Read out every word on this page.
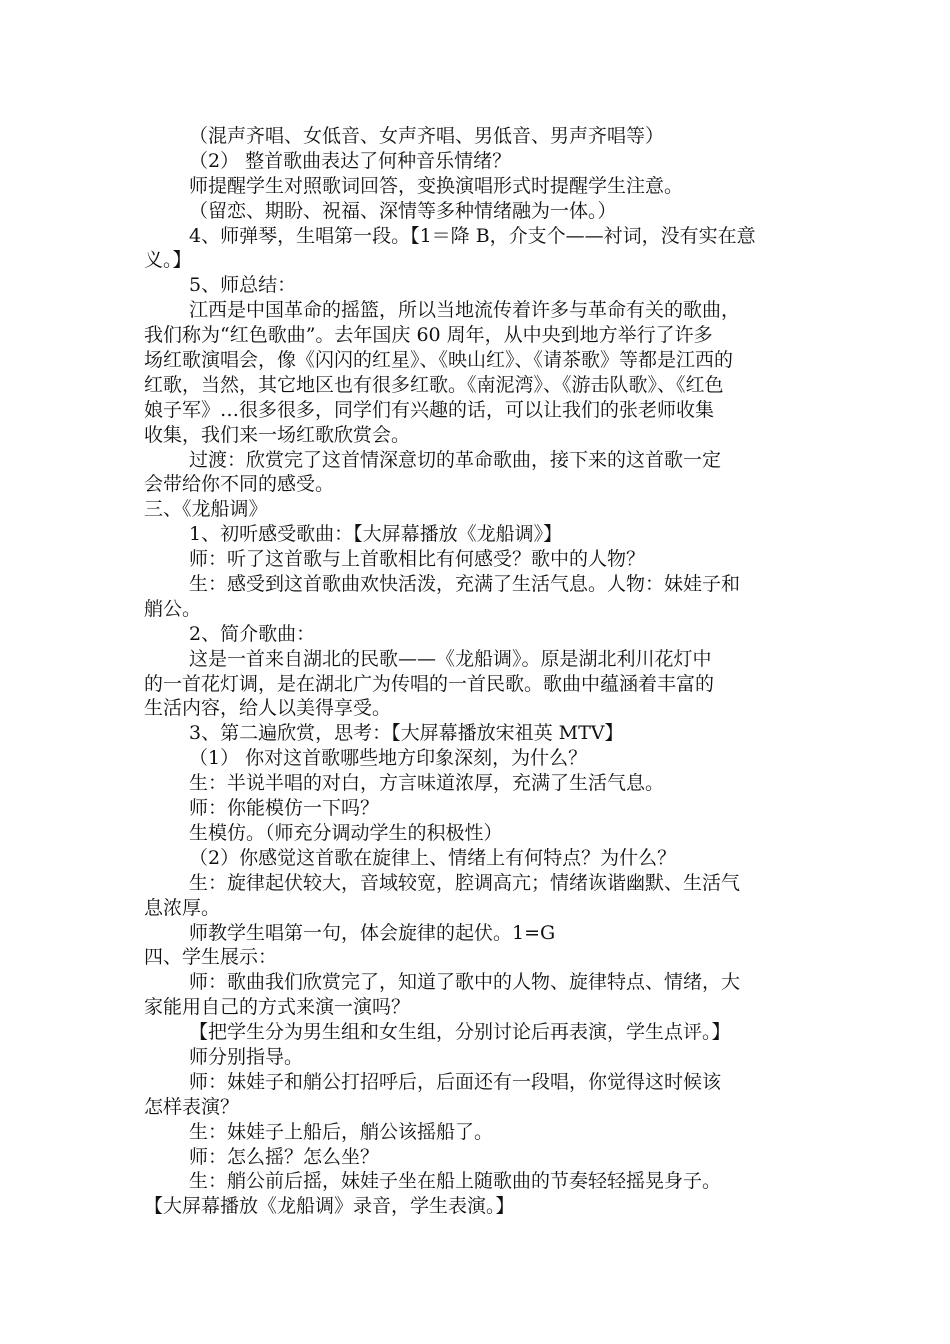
（混声齐唱、女低音、女声齐唱、男低音、男声齐唱等）
（2） 整首歌曲表达了何种音乐情绪？
师提醒学生对照歌词回答，变换演唱形式时提醒学生注意。
（留恋、期盼、祝福、深情等多种情绪融为一体。）
4、师弹琴，生唱第一段。【1＝降 B，介支个——衬词，没有实在意
义。】
5、师总结：
江西是中国革命的摇篮，所以当地流传着许多与革命有关的歌曲，
我们称为“红色歌曲”。去年国庆 60 周年，从中央到地方举行了许多
场红歌演唱会，像《闪闪的红星》、《映山红》、《请茶歌》等都是江西的
红歌，当然，其它地区也有很多红歌。《南泥湾》、《游击队歌》、《红色
娘子军》…很多很多，同学们有兴趣的话，可以让我们的张老师收集
收集，我们来一场红歌欣赏会。
过渡：欣赏完了这首情深意切的革命歌曲，接下来的这首歌一定
会带给你不同的感受。
三、《龙船调》
1、初听感受歌曲：【大屏幕播放《龙船调》】
师：听了这首歌与上首歌相比有何感受？歌中的人物？
生：感受到这首歌曲欢快活泼，充满了生活气息。人物：妹娃子和
艄公。
2、简介歌曲：
这是一首来自湖北的民歌——《龙船调》。原是湖北利川花灯中
的一首花灯调，是在湖北广为传唱的一首民歌。歌曲中蕴涵着丰富的
生活内容，给人以美得享受。
3、第二遍欣赏，思考：【大屏幕播放宋祖英 MTV】
（1） 你对这首歌哪些地方印象深刻，为什么？
生：半说半唱的对白，方言味道浓厚，充满了生活气息。
师：你能模仿一下吗？
生模仿。（师充分调动学生的积极性）
（2）你感觉这首歌在旋律上、情绪上有何特点？为什么？
生：旋律起伏较大，音域较宽，腔调高亢；情绪诙谐幽默、生活气
息浓厚。
师教学生唱第一句，体会旋律的起伏。1=G
四、学生展示：
师：歌曲我们欣赏完了，知道了歌中的人物、旋律特点、情绪，大
家能用自己的方式来演一演吗？
【把学生分为男生组和女生组，分别讨论后再表演，学生点评。】
师分别指导。
师：妹娃子和艄公打招呼后，后面还有一段唱，你觉得这时候该
怎样表演？
生：妹娃子上船后，艄公该摇船了。
师：怎么摇？怎么坐？
生：艄公前后摇，妹娃子坐在船上随歌曲的节奏轻轻摇晃身子。
【大屏幕播放《龙船调》录音，学生表演。】
